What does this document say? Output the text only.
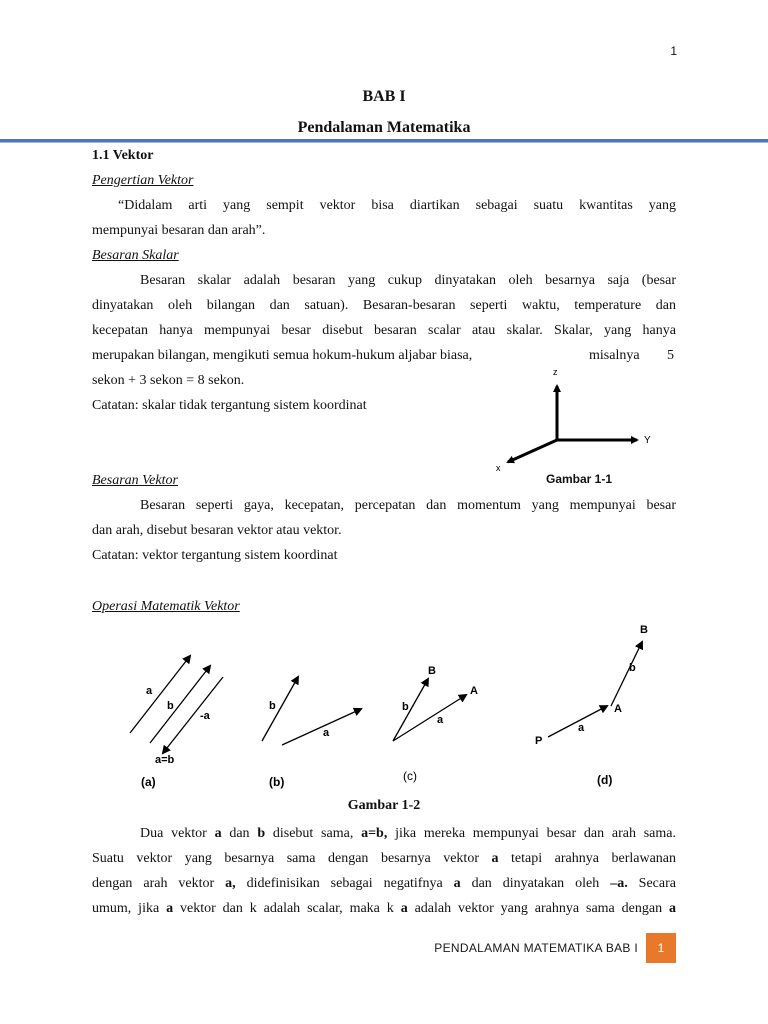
1
BAB I
Pendalaman Matematika
1.1 Vektor
Pengertian Vektor
“Didalam arti yang sempit vektor bisa diartikan sebagai suatu kwantitas yang
mempunyai besaran dan arah”.
Besaran Skalar
Besaran skalar adalah besaran yang cukup dinyatakan oleh besarnya saja (besar
dinyatakan oleh bilangan dan satuan). Besaran-besaran seperti waktu, temperature dan
kecepatan hanya mempunyai besar disebut besaran scalar atau skalar. Skalar, yang hanya
merupakan bilangan, mengikuti semua hokum-hukum aljabar biasa,	misalnya 5
sekon + 3 sekon = 8 sekon.
Catatan: skalar tidak tergantung sistem koordinat
z
Y
x
Gambar 1-1
Besaran Vektor
Besaran seperti gaya, kecepatan, percepatan dan momentum yang mempunyai besar
dan arah, disebut besaran vektor atau vektor.
Catatan: vektor tergantung sistem koordinat
Operasi Matematik Vektor
a
b
-a
a=b
(a)
b
a
(b)
B
A
b
a
(c)
B
b
A
a
P
(d)
Gambar 1-2
Dua vektor a dan b disebut sama, a=b, jika mereka mempunyai besar dan arah sama.
Suatu vektor yang besarnya sama dengan besarnya vektor a tetapi arahnya berlawanan
dengan arah vektor a, didefinisikan sebagai negatifnya a dan dinyatakan oleh –a. Secara
umum, jika a vektor dan k adalah scalar, maka k a adalah vektor yang arahnya sama dengan a
PENDALAMAN MATEMATIKA BAB I	1
